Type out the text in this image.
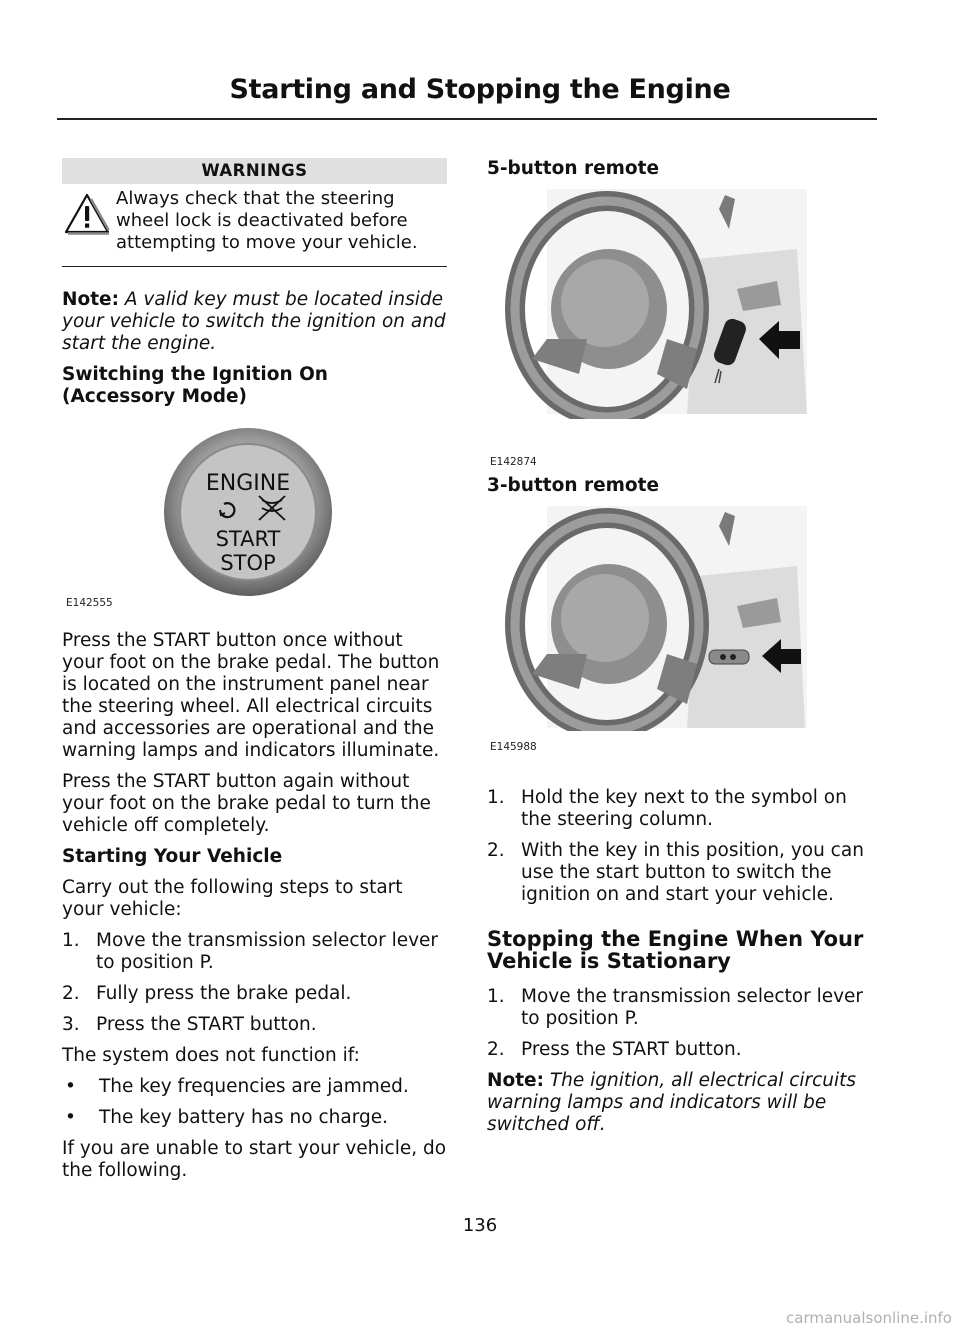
Starting and Stopping the Engine
WARNINGS
Always check that the steering wheel lock is deactivated before attempting to move your vehicle.

Note: A valid key must be located inside your vehicle to switch the ignition on and start the engine.

Switching the Ignition On (Accessory Mode)
ENGINE
START
STOP
E142555

Press the START button once without your foot on the brake pedal. The button is located on the instrument panel near the steering wheel. All electrical circuits and accessories are operational and the warning lamps and indicators illuminate.

Press the START button again without your foot on the brake pedal to turn the vehicle off completely.

Starting Your Vehicle

Carry out the following steps to start your vehicle:

1. Move the transmission selector lever to position P.
2. Fully press the brake pedal.
3. Press the START button.

The system does not function if:

•	The key frequencies are jammed.
•	The key battery has no charge.

If you are unable to start your vehicle, do the following.

5-button remote
E142874
3-button remote
E145988
1. Hold the key next to the symbol on the steering column.
2. With the key in this position, you can use the start button to switch the ignition on and start your vehicle.
Stopping the Engine When Your Vehicle is Stationary
1. Move the transmission selector lever to position P.
2. Press the START button.

Note: The ignition, all electrical circuits warning lamps and indicators will be switched off.

136
carmanualsonline.info
